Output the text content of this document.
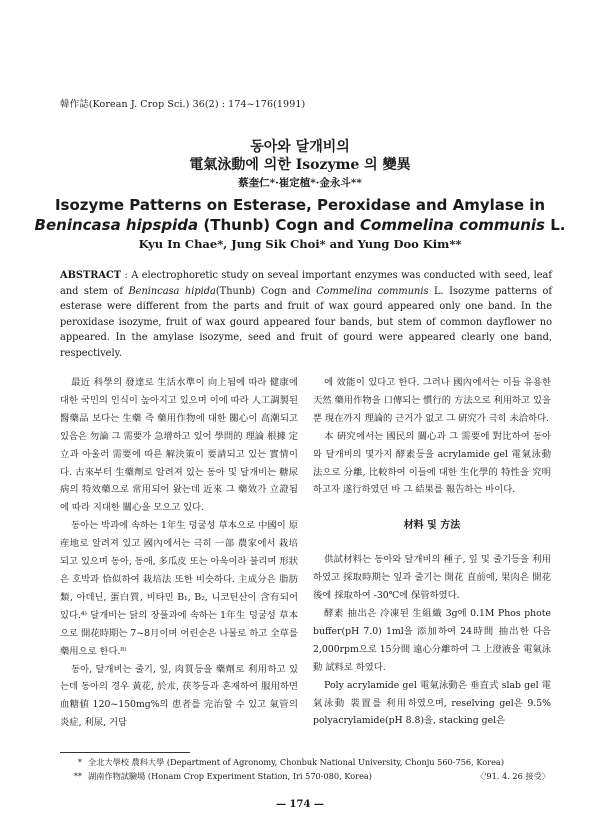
韓作誌(Korean J. Crop Sci.) 36(2) : 174~176(1991)
동아와 달개비의
電氣泳動에 의한 Isozyme 의 變異
蔡奎仁*·崔定植*·金永斗**
Isozyme Patterns on Esterase, Peroxidase and Amylase in
Benincasa hipspida (Thunb) Cogn and Commelina communis L.
Kyu In Chae*, Jung Sik Choi* and Yung Doo Kim**
ABSTRACT : A electrophoretic study on seveal important enzymes was conducted with seed, leaf and stem of Benincasa hipida(Thunb) Cogn and Commelina communis L. Isozyme patterns of esterase were different from the parts and fruit of wax gourd appeared only one band. In the peroxidase isozyme, fruit of wax gourd appeared four bands, but stem of common dayflower no appeared. In the amylase isozyme, seed and fruit of gourd were appeared clearly one band, respectively.

最近 科學의 發達로 生活水準이 向上됨에 따라 健康에 대한 국민의 인식이 높아지고 있으며 이에 따라 人工調製된 醫藥品 보다는 生藥 즉 藥用作物에 대한 關心이 高潮되고 있음은 勿論 그 需要가 急增하고 있어 學問的 理論 根據 定立과 아울러 需要에 따른 解決策이 要請되고 있는 實情이다. 古來부터 生藥劑로 알려져 있는 동아 및 달개비는 糖尿病의 特效藥으로 常用되어 왔는데 近來 그 藥效가 立證됨에 따라 지대한 關心을 모으고 있다.

동아는 박과에 속하는 1年生 덩굴성 草本으로 中國이 原産地로 알려져 있고 國內에서는 극히 一部 農家에서 栽培되고 있으며 동아, 동애, 多瓜皮 또는 아욱이라 불리며 形狀은 호박과 恰似하여 栽培法 또한 비슷하다. 主成分은 脂肪類, 아데닌, 蛋白質, 비타민 B₁, B₂, 니코틴산이 含有되어 있다.⁴⁾ 달개비는 닭의 장풀과에 속하는 1年生 덩굴성 草本으로 開花時期는 7~8月이며 어린순은 나물로 하고 全草를 藥用으로 한다.⁸⁾

동아, 달개비는 줄기, 잎, 肉質등을 藥劑로 利用하고 있는데 동아의 경우 黃花, 於朮, 茯苓등과 혼재하여 服用하면 血糖値 120~150mg%의 患者를 完治할 수 있고 氣管의 炎症, 利尿, 거담

에 效能이 있다고 한다. 그러나 國內에서는 이들 유용한 天然 藥用作物을 口傳되는 慣行的 方法으로 利用하고 있을뿐 現在까지 理論的 근거가 없고 그 硏究가 극히 未洽하다.

本 硏究에서는 國民의 關心과 그 需要에 對比하여 동아와 달개비의 몇가지 酵素등을 acrylamide gel 電氣泳動法으로 分離, 比較하여 이들에 대한 生化學的 特性을 究明하고자 遂行하였던 바 그 結果를 報告하는 바이다.

材料 및 方法

供試材料는 동아와 달개비의 種子, 잎 및 줄기등을 利用하였고 採取時期는 잎과 줄기는 開花 直前에, 果肉은 開花後에 採取하여 -30℃에 保管하였다.

酵素 抽出은 冷凍된 生組織 3g에 0.1M Phos phote buffer(pH 7.0) 1ml을 添加하여 24時間 抽出한 다음 2,000rpm으로 15分間 遠心分離하여 그 上澄液을 電氣泳動 試料로 하였다.

Poly acrylamide gel 電氣泳動은 垂直式 slab gel 電氣泳動 裝置를 利用하였으며, reselving gel은 9.5% polyacrylamide(pH 8.8)을, stacking gel은

* 全北大學校 農科大學 (Department of Agronomy, Chonbuk National University, Chonju 560-756, Korea)
** 湖南作物試驗場 (Honam Crop Experiment Station, Iri 570-080, Korea)	〈'91. 4. 26 接受〉
— 174 —
